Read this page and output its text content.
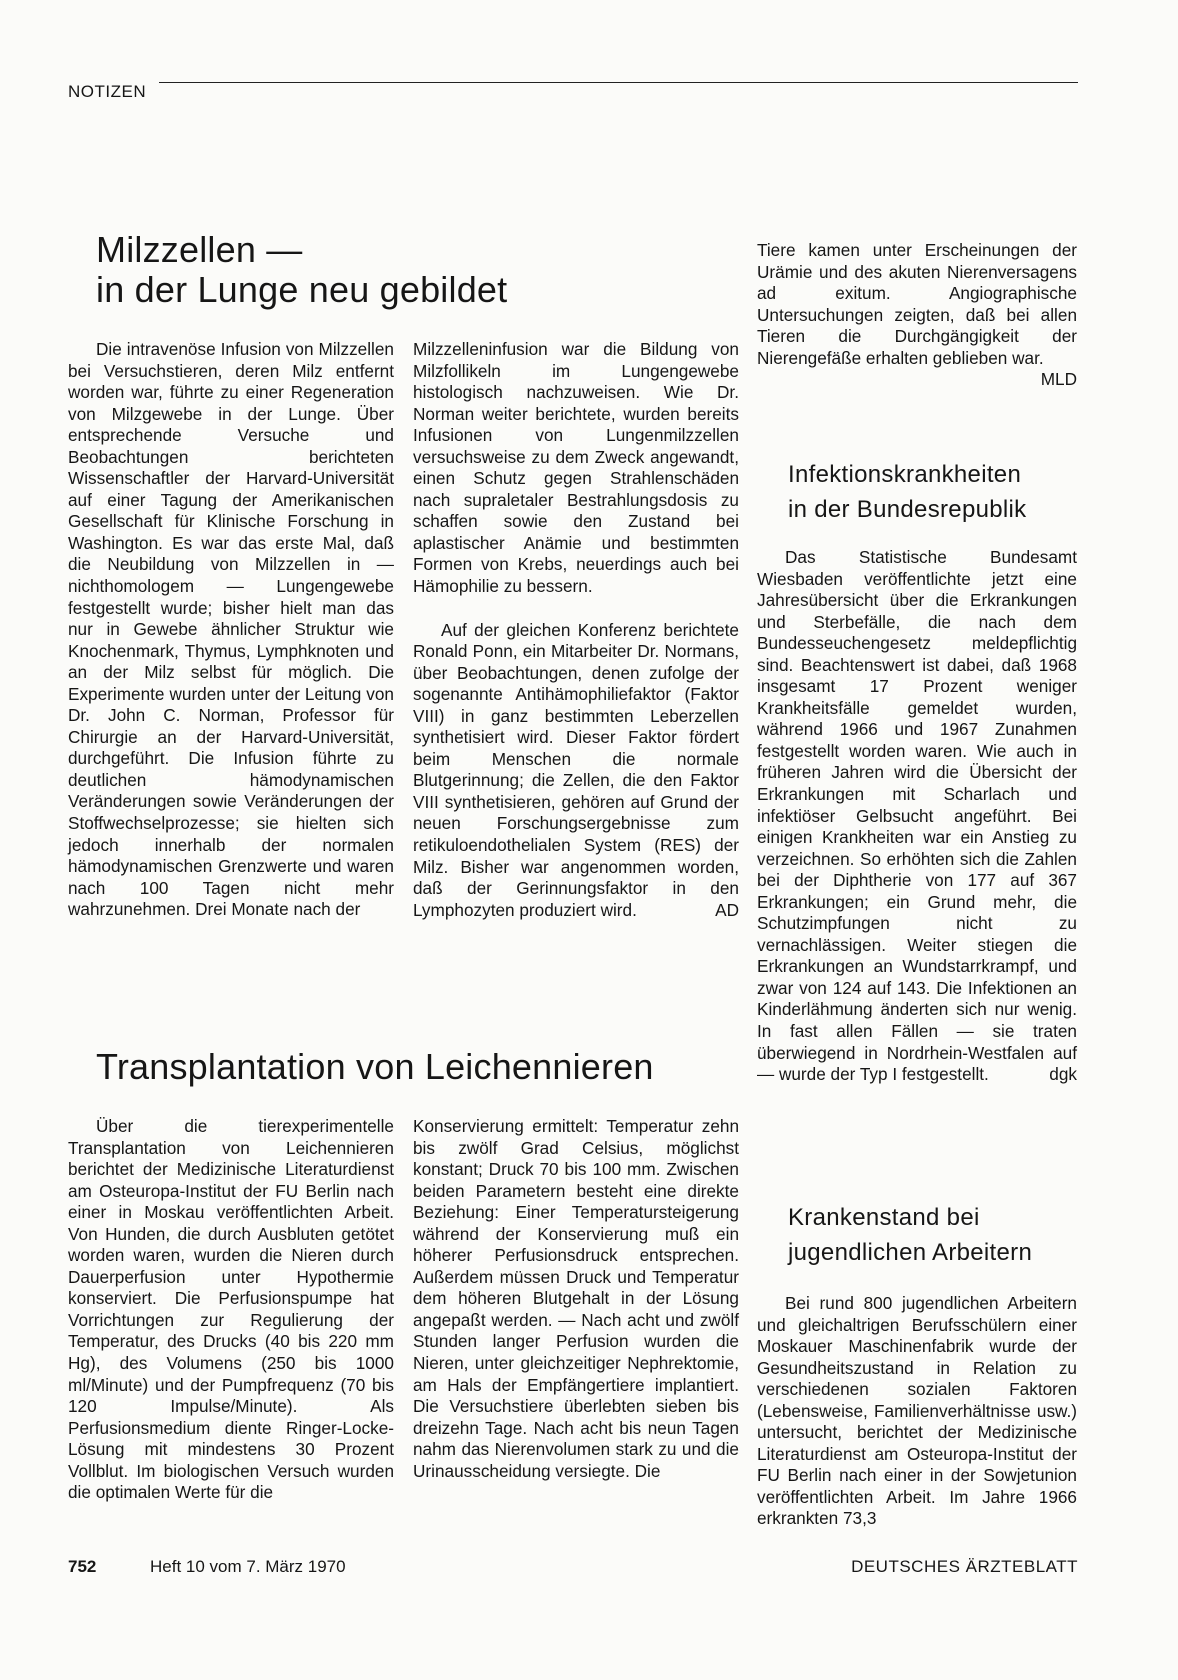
NOTIZEN
Milzzellen —
in der Lunge neu gebildet

Die intravenöse Infusion von Milzzellen bei Versuchstieren, deren Milz entfernt worden war, führte zu einer Regeneration von Milzgewebe in der Lunge. Über entsprechende Versuche und Beobachtungen berichteten Wissenschaftler der Harvard-Universität auf einer Tagung der Amerikanischen Gesellschaft für Klinische Forschung in Washington. Es war das erste Mal, daß die Neubildung von Milzzellen in — nichthomologem — Lungengewebe festgestellt wurde; bisher hielt man das nur in Gewebe ähnlicher Struktur wie Knochenmark, Thymus, Lymphknoten und an der Milz selbst für möglich. Die Experimente wurden unter der Leitung von Dr. John C. Norman, Professor für Chirurgie an der Harvard-Universität, durchgeführt. Die Infusion führte zu deutlichen hämodynamischen Veränderungen sowie Veränderungen der Stoffwechselprozesse; sie hielten sich jedoch innerhalb der normalen hämodynamischen Grenzwerte und waren nach 100 Tagen nicht mehr wahrzunehmen. Drei Monate nach der

Milzzelleninfusion war die Bildung von Milzfollikeln im Lungengewebe histologisch nachzuweisen. Wie Dr. Norman weiter berichtete, wurden bereits Infusionen von Lungenmilzzellen versuchsweise zu dem Zweck angewandt, einen Schutz gegen Strahlenschäden nach supraletaler Bestrahlungsdosis zu schaffen sowie den Zustand bei aplastischer Anämie und bestimmten Formen von Krebs, neuerdings auch bei Hämophilie zu bessern.

Auf der gleichen Konferenz berichtete Ronald Ponn, ein Mitarbeiter Dr. Normans, über Beobachtungen, denen zufolge der sogenannte Antihämophiliefaktor (Faktor VIII) in ganz bestimmten Leberzellen synthetisiert wird. Dieser Faktor fördert beim Menschen die normale Blutgerinnung; die Zellen, die den Faktor VIII synthetisieren, gehören auf Grund der neuen Forschungsergebnisse zum retikuloendothelialen System (RES) der Milz. Bisher war angenommen worden, daß der Gerinnungsfaktor in den Lymphozyten produziert wird.	AD

Transplantation von Leichennieren

Über die tierexperimentelle Transplantation von Leichennieren berichtet der Medizinische Literaturdienst am Osteuropa-Institut der FU Berlin nach einer in Moskau veröffentlichten Arbeit. Von Hunden, die durch Ausbluten getötet worden waren, wurden die Nieren durch Dauerperfusion unter Hypothermie konserviert. Die Perfusionspumpe hat Vorrichtungen zur Regulierung der Temperatur, des Drucks (40 bis 220 mm Hg), des Volumens (250 bis 1000 ml/Minute) und der Pumpfrequenz (70 bis 120 Impulse/Minute). Als Perfusionsmedium diente Ringer-Locke-Lösung mit mindestens 30 Prozent Vollblut. Im biologischen Versuch wurden die optimalen Werte für die

Konservierung ermittelt: Temperatur zehn bis zwölf Grad Celsius, möglichst konstant; Druck 70 bis 100 mm. Zwischen beiden Parametern besteht eine direkte Beziehung: Einer Temperatursteigerung während der Konservierung muß ein höherer Perfusionsdruck entsprechen. Außerdem müssen Druck und Temperatur dem höheren Blutgehalt in der Lösung angepaßt werden. — Nach acht und zwölf Stunden langer Perfusion wurden die Nieren, unter gleichzeitiger Nephrektomie, am Hals der Empfängertiere implantiert. Die Versuchstiere überlebten sieben bis dreizehn Tage. Nach acht bis neun Tagen nahm das Nierenvolumen stark zu und die Urinausscheidung versiegte. Die

Tiere kamen unter Erscheinungen der Urämie und des akuten Nierenversagens ad exitum. Angiographische Untersuchungen zeigten, daß bei allen Tieren die Durchgängigkeit der Nierengefäße erhalten geblieben war.
MLD

Infektionskrankheiten
in der Bundesrepublik

Das Statistische Bundesamt Wiesbaden veröffentlichte jetzt eine Jahresübersicht über die Erkrankungen und Sterbefälle, die nach dem Bundesseuchengesetz meldepflichtig sind. Beachtenswert ist dabei, daß 1968 insgesamt 17 Prozent weniger Krankheitsfälle gemeldet wurden, während 1966 und 1967 Zunahmen festgestellt worden waren. Wie auch in früheren Jahren wird die Übersicht der Erkrankungen mit Scharlach und infektiöser Gelbsucht angeführt. Bei einigen Krankheiten war ein Anstieg zu verzeichnen. So erhöhten sich die Zahlen bei der Diphtherie von 177 auf 367 Erkrankungen; ein Grund mehr, die Schutzimpfungen nicht zu vernachlässigen. Weiter stiegen die Erkrankungen an Wundstarrkrampf, und zwar von 124 auf 143. Die Infektionen an Kinderlähmung änderten sich nur wenig. In fast allen Fällen — sie traten überwiegend in Nordrhein-Westfalen auf — wurde der Typ I festgestellt.	dgk

Krankenstand bei
jugendlichen Arbeitern

Bei rund 800 jugendlichen Arbeitern und gleichaltrigen Berufsschülern einer Moskauer Maschinenfabrik wurde der Gesundheitszustand in Relation zu verschiedenen sozialen Faktoren (Lebensweise, Familienverhältnisse usw.) untersucht, berichtet der Medizinische Literaturdienst am Osteuropa-Institut der FU Berlin nach einer in der Sowjetunion veröffentlichten Arbeit. Im Jahre 1966 erkrankten 73,3

752	Heft 10 vom 7. März 1970	DEUTSCHES ÄRZTEBLATT
